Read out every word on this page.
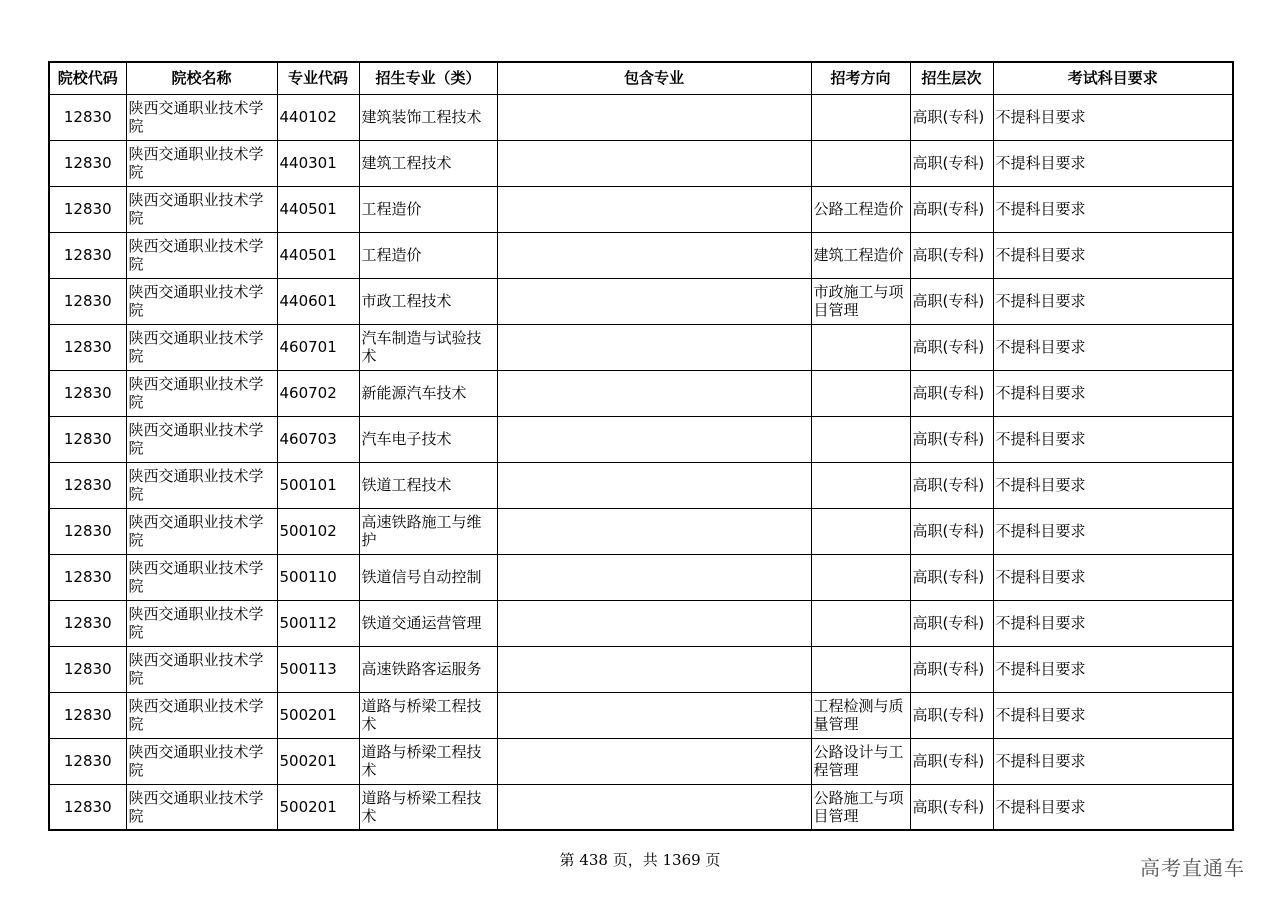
院校代码	院校名称	专业代码	招生专业（类）	包含专业	招考方向	招生层次	考试科目要求
12830	陕西交通职业技术学院	440102	建筑装饰工程技术			高职(专科)	不提科目要求
12830	陕西交通职业技术学院	440301	建筑工程技术			高职(专科)	不提科目要求
12830	陕西交通职业技术学院	440501	工程造价		公路工程造价	高职(专科)	不提科目要求
12830	陕西交通职业技术学院	440501	工程造价		建筑工程造价	高职(专科)	不提科目要求
12830	陕西交通职业技术学院	440601	市政工程技术		市政施工与项目管理	高职(专科)	不提科目要求
12830	陕西交通职业技术学院	460701	汽车制造与试验技术			高职(专科)	不提科目要求
12830	陕西交通职业技术学院	460702	新能源汽车技术			高职(专科)	不提科目要求
12830	陕西交通职业技术学院	460703	汽车电子技术			高职(专科)	不提科目要求
12830	陕西交通职业技术学院	500101	铁道工程技术			高职(专科)	不提科目要求
12830	陕西交通职业技术学院	500102	高速铁路施工与维护			高职(专科)	不提科目要求
12830	陕西交通职业技术学院	500110	铁道信号自动控制			高职(专科)	不提科目要求
12830	陕西交通职业技术学院	500112	铁道交通运营管理			高职(专科)	不提科目要求
12830	陕西交通职业技术学院	500113	高速铁路客运服务			高职(专科)	不提科目要求
12830	陕西交通职业技术学院	500201	道路与桥梁工程技术		工程检测与质量管理	高职(专科)	不提科目要求
12830	陕西交通职业技术学院	500201	道路与桥梁工程技术		公路设计与工程管理	高职(专科)	不提科目要求
12830	陕西交通职业技术学院	500201	道路与桥梁工程技术		公路施工与项目管理	高职(专科)	不提科目要求
第 438 页，共 1369 页	高考直通车
